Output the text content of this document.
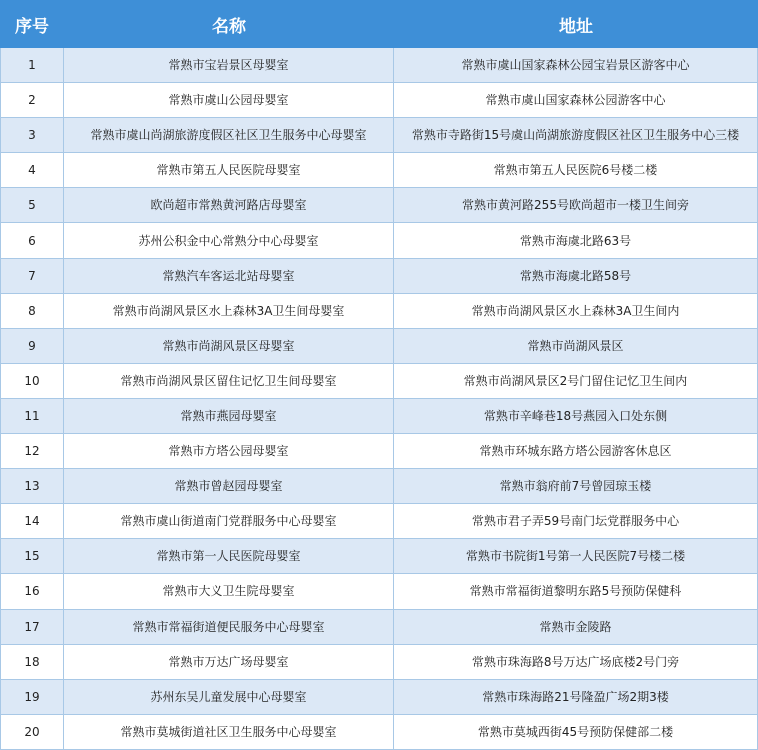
序号	名称	地址
1	常熟市宝岩景区母婴室	常熟市虞山国家森林公园宝岩景区游客中心
2	常熟市虞山公园母婴室	常熟市虞山国家森林公园游客中心
3	常熟市虞山尚湖旅游度假区社区卫生服务中心母婴室	常熟市寺路街15号虞山尚湖旅游度假区社区卫生服务中心三楼
4	常熟市第五人民医院母婴室	常熟市第五人民医院6号楼二楼
5	欧尚超市常熟黄河路店母婴室	常熟市黄河路255号欧尚超市一楼卫生间旁
6	苏州公积金中心常熟分中心母婴室	常熟市海虞北路63号
7	常熟汽车客运北站母婴室	常熟市海虞北路58号
8	常熟市尚湖风景区水上森林3A卫生间母婴室	常熟市尚湖风景区水上森林3A卫生间内
9	常熟市尚湖风景区母婴室	常熟市尚湖风景区
10	常熟市尚湖风景区留住记忆卫生间母婴室	常熟市尚湖风景区2号门留住记忆卫生间内
11	常熟市燕园母婴室	常熟市辛峰巷18号燕园入口处东侧
12	常熟市方塔公园母婴室	常熟市环城东路方塔公园游客休息区
13	常熟市曾赵园母婴室	常熟市翁府前7号曾园琼玉楼
14	常熟市虞山街道南门党群服务中心母婴室	常熟市君子弄59号南门坛党群服务中心
15	常熟市第一人民医院母婴室	常熟市书院街1号第一人民医院7号楼二楼
16	常熟市大义卫生院母婴室	常熟市常福街道黎明东路5号预防保健科
17	常熟市常福街道便民服务中心母婴室	常熟市金陵路
18	常熟市万达广场母婴室	常熟市珠海路8号万达广场底楼2号门旁
19	苏州东吴儿童发展中心母婴室	常熟市珠海路21号隆盈广场2期3楼
20	常熟市莫城街道社区卫生服务中心母婴室	常熟市莫城西街45号预防保健部二楼
